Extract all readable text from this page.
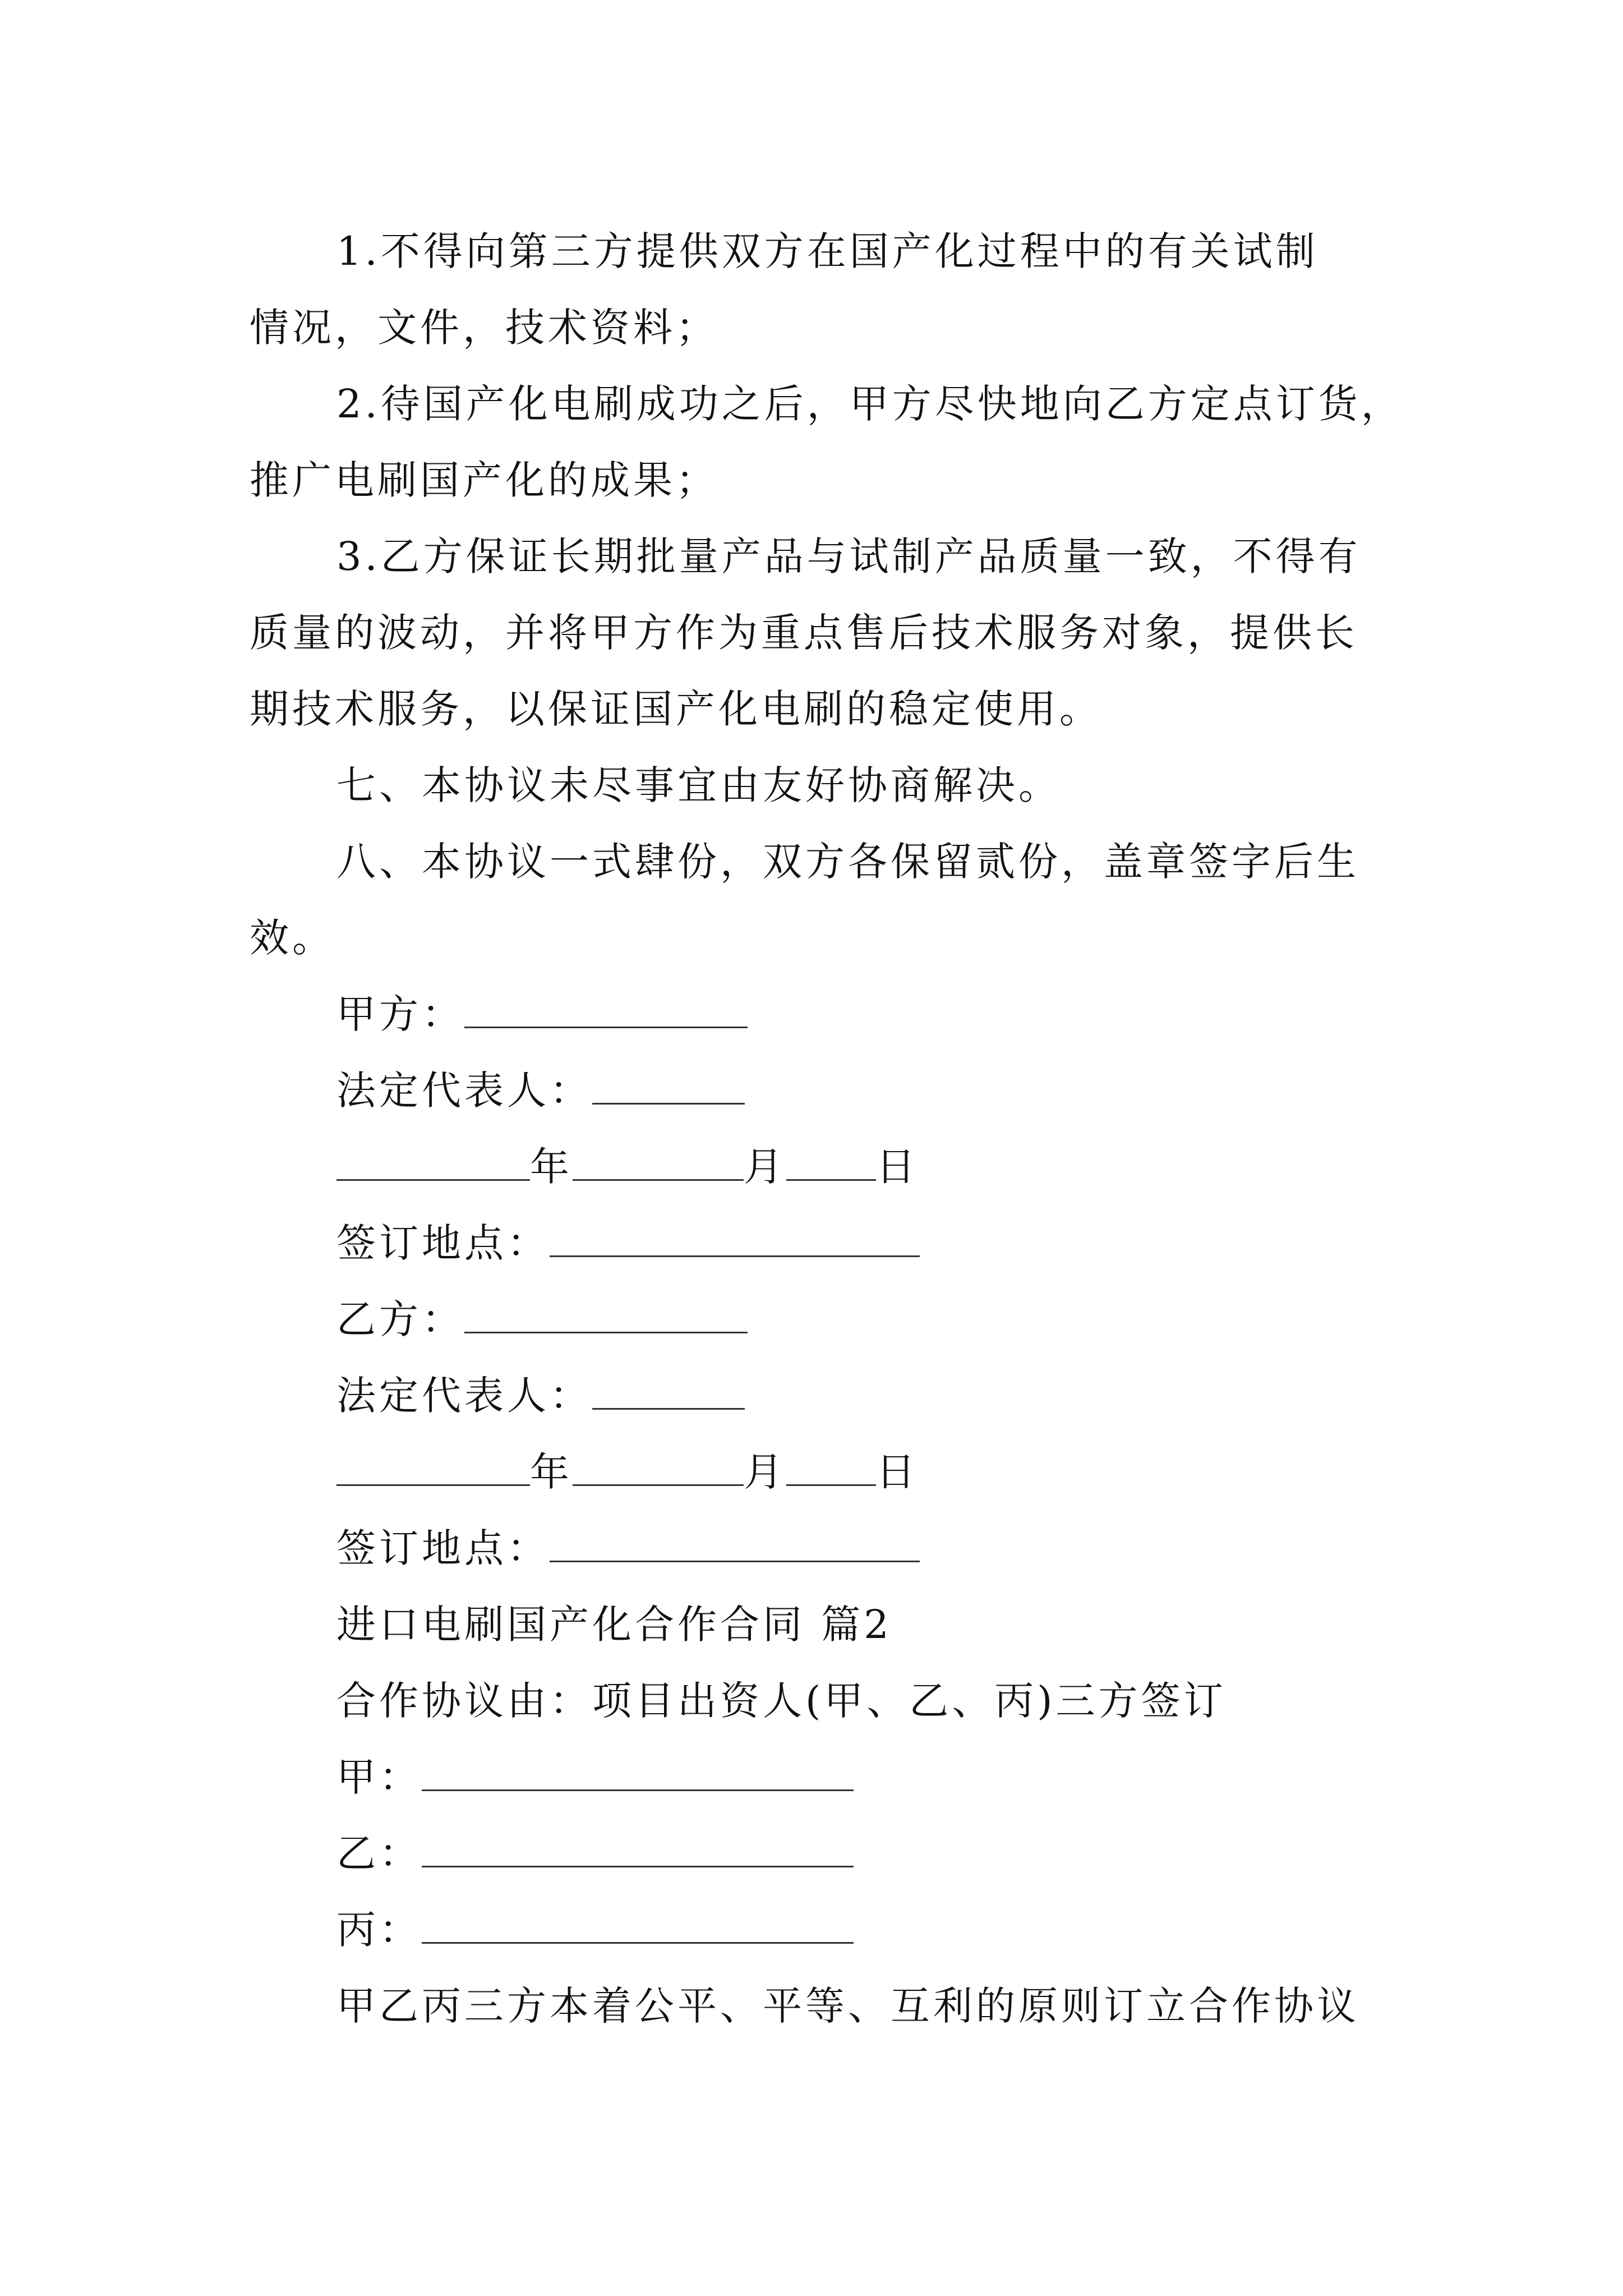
1.不得向第三方提供双方在国产化过程中的有关试制
情况，文件，技术资料；
2.待国产化电刷成功之后，甲方尽快地向乙方定点订货，
推广电刷国产化的成果；
3.乙方保证长期批量产品与试制产品质量一致，不得有
质量的波动，并将甲方作为重点售后技术服务对象，提供长
期技术服务，以保证国产化电刷的稳定使用。
七、本协议未尽事宜由友好协商解决。
八、本协议一式肆份，双方各保留贰份，盖章签字后生
效。
甲方：
法定代表人：
年	月 日
签订地点：
乙方：
法定代表人：
年	月 日
签订地点：
进口电刷国产化合作合同 篇2
合作协议由：项目出资人(甲、乙、丙)三方签订
甲：
乙：
丙：
甲乙丙三方本着公平、平等、互利的原则订立合作协议
